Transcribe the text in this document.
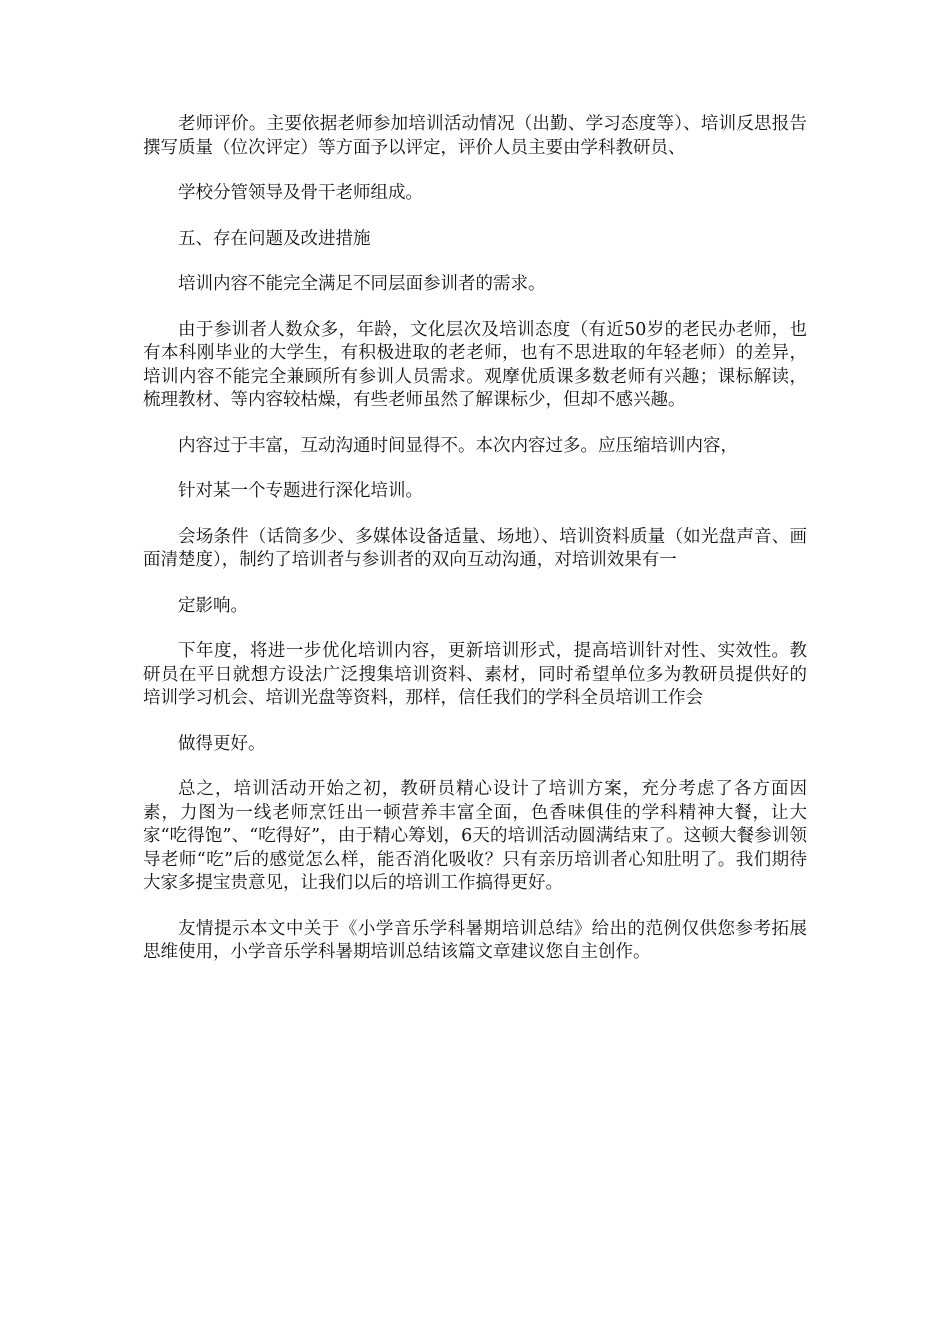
老师评价。主要依据老师参加培训活动情况（出勤、学习态度等）、培训反思报告撰写质量（位次评定）等方面予以评定，评价人员主要由学科教研员、

学校分管领导及骨干老师组成。

五、存在问题及改进措施

培训内容不能完全满足不同层面参训者的需求。

由于参训者人数众多，年龄，文化层次及培训态度（有近50岁的老民办老师，也有本科刚毕业的大学生，有积极进取的老老师，也有不思进取的年轻老师）的差异，培训内容不能完全兼顾所有参训人员需求。观摩优质课多数老师有兴趣；课标解读，梳理教材、等内容较枯燥，有些老师虽然了解课标少，但却不感兴趣。

内容过于丰富，互动沟通时间显得不。本次内容过多。应压缩培训内容，

针对某一个专题进行深化培训。

会场条件（话筒多少、多媒体设备适量、场地）、培训资料质量（如光盘声音、画面清楚度），制约了培训者与参训者的双向互动沟通，对培训效果有一

定影响。

下年度，将进一步优化培训内容，更新培训形式，提高培训针对性、实效性。教研员在平日就想方设法广泛搜集培训资料、素材，同时希望单位多为教研员提供好的培训学习机会、培训光盘等资料，那样，信任我们的学科全员培训工作会

做得更好。

总之，培训活动开始之初，教研员精心设计了培训方案，充分考虑了各方面因素，力图为一线老师烹饪出一顿营养丰富全面，色香味俱佳的学科精神大餐，让大家“吃得饱”、“吃得好”，由于精心筹划，6天的培训活动圆满结束了。这顿大餐参训领导老师“吃”后的感觉怎么样，能否消化吸收？只有亲历培训者心知肚明了。我们期待大家多提宝贵意见，让我们以后的培训工作搞得更好。

友情提示本文中关于《小学音乐学科暑期培训总结》给出的范例仅供您参考拓展思维使用，小学音乐学科暑期培训总结该篇文章建议您自主创作。
